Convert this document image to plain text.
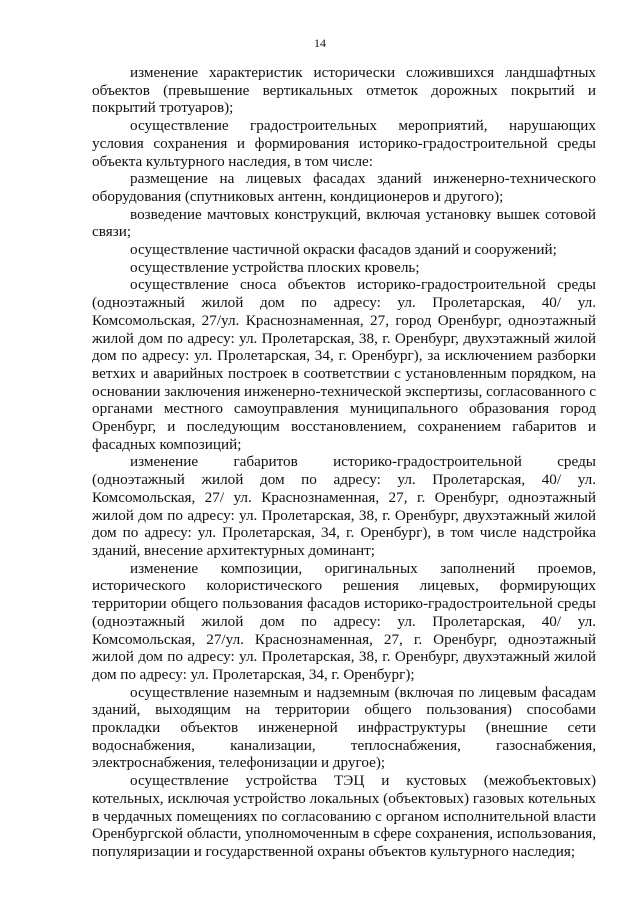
14

изменение характеристик исторически сложившихся ландшафтных объектов (превышение вертикальных отметок дорожных покрытий и покрытий тротуаров);

осуществление градостроительных мероприятий, нарушающих условия сохранения и формирования историко-градостроительной среды объекта культурного наследия, в том числе:

размещение на лицевых фасадах зданий инженерно-технического оборудования (спутниковых антенн, кондиционеров и другого);

возведение мачтовых конструкций, включая установку вышек сотовой связи;

осуществление частичной окраски фасадов зданий и сооружений;

осуществление устройства плоских кровель;

осуществление сноса объектов историко-градостроительной среды (одноэтажный жилой дом по адресу: ул. Пролетарская, 40/ ул. Комсомольская, 27/ул. Краснознаменная, 27, город Оренбург, одноэтажный жилой дом по адресу: ул. Пролетарская, 38, г. Оренбург, двухэтажный жилой дом по адресу: ул. Пролетарская, 34, г. Оренбург), за исключением разборки ветхих и аварийных построек в соответствии с установленным порядком, на основании заключения инженерно-технической экспертизы, согласованного с органами местного самоуправления муниципального образования город Оренбург, и последующим восстановлением, сохранением габаритов и фасадных композиций;

изменение габаритов историко-градостроительной среды (одноэтажный жилой дом по адресу: ул. Пролетарская, 40/ ул. Комсомольская, 27/ ул. Краснознаменная, 27, г. Оренбург, одноэтажный жилой дом по адресу: ул. Пролетарская, 38, г. Оренбург, двухэтажный жилой дом по адресу: ул. Пролетарская, 34, г. Оренбург), в том числе надстройка зданий, внесение архитектурных доминант;

изменение композиции, оригинальных заполнений проемов, исторического колористического решения лицевых, формирующих территории общего пользования фасадов историко-градостроительной среды (одноэтажный жилой дом по адресу: ул. Пролетарская, 40/ ул. Комсомольская, 27/ул. Краснознаменная, 27, г. Оренбург, одноэтажный жилой дом по адресу: ул. Пролетарская, 38, г. Оренбург, двухэтажный жилой дом по адресу: ул. Пролетарская, 34, г. Оренбург);

осуществление наземным и надземным (включая по лицевым фасадам зданий, выходящим на территории общего пользования) способами прокладки объектов инженерной инфраструктуры (внешние сети водоснабжения, канализации, теплоснабжения, газоснабжения, электроснабжения, телефонизации и другое);

осуществление устройства ТЭЦ и кустовых (межобъектовых) котельных, исключая устройство локальных (объектовых) газовых котельных в чердачных помещениях по согласованию с органом исполнительной власти Оренбургской области, уполномоченным в сфере сохранения, использования, популяризации и государственной охраны объектов культурного наследия;
